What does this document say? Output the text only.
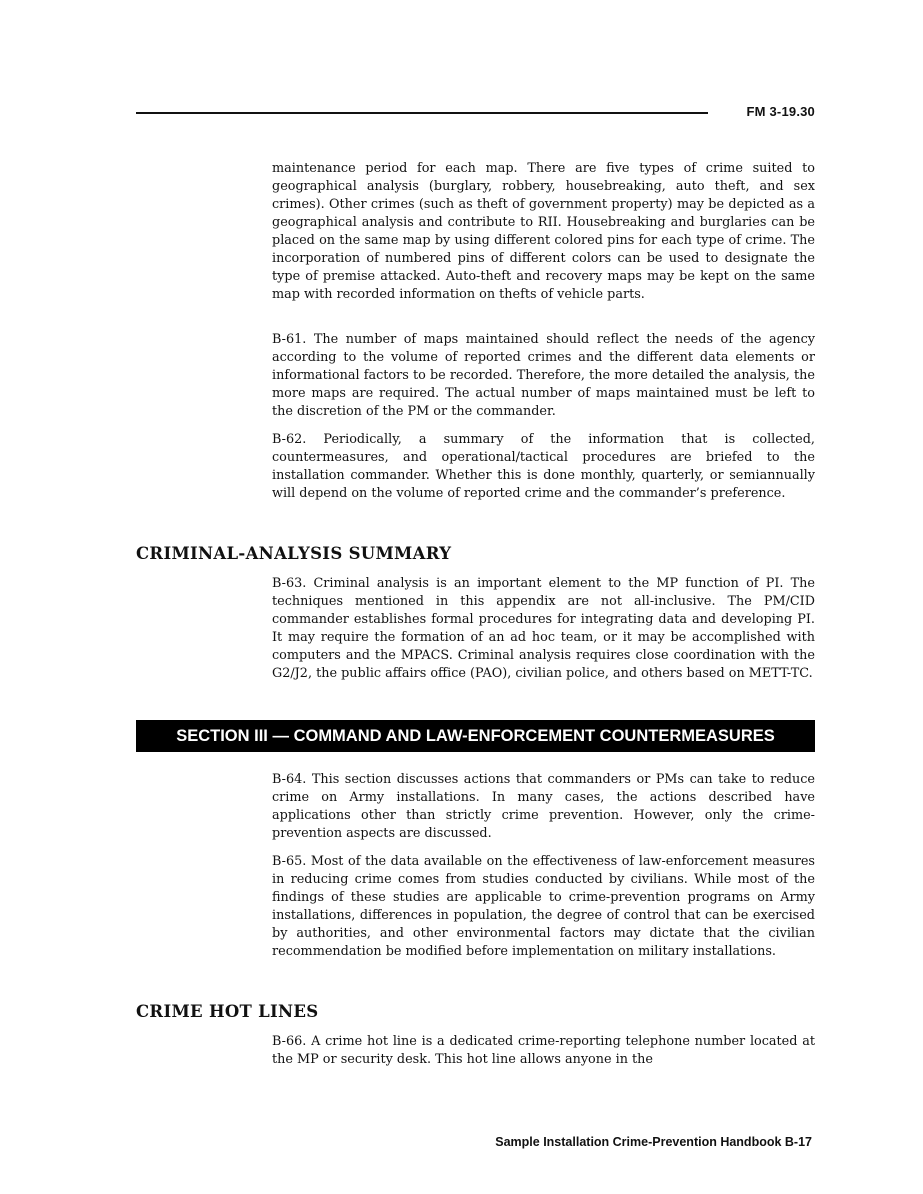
FM 3-19.30

maintenance period for each map. There are five types of crime suited to geographical analysis (burglary, robbery, housebreaking, auto theft, and sex crimes). Other crimes (such as theft of government property) may be depicted as a geographical analysis and contribute to RII. Housebreaking and burglaries can be placed on the same map by using different colored pins for each type of crime. The incorporation of numbered pins of different colors can be used to designate the type of premise attacked. Auto-theft and recovery maps may be kept on the same map with recorded information on thefts of vehicle parts.

B-61. The number of maps maintained should reflect the needs of the agency according to the volume of reported crimes and the different data elements or informational factors to be recorded. Therefore, the more detailed the analysis, the more maps are required. The actual number of maps maintained must be left to the discretion of the PM or the commander.

B-62. Periodically, a summary of the information that is collected, countermeasures, and operational/tactical procedures are briefed to the installation commander. Whether this is done monthly, quarterly, or semiannually will depend on the volume of reported crime and the commander’s preference.

CRIMINAL-ANALYSIS SUMMARY

B-63. Criminal analysis is an important element to the MP function of PI. The techniques mentioned in this appendix are not all-inclusive. The PM/CID commander establishes formal procedures for integrating data and developing PI. It may require the formation of an ad hoc team, or it may be accomplished with computers and the MPACS. Criminal analysis requires close coordination with the G2/J2, the public affairs office (PAO), civilian police, and others based on METT-TC.

SECTION III — COMMAND AND LAW-ENFORCEMENT COUNTERMEASURES

B-64. This section discusses actions that commanders or PMs can take to reduce crime on Army installations. In many cases, the actions described have applications other than strictly crime prevention. However, only the crime-prevention aspects are discussed.

B-65. Most of the data available on the effectiveness of law-enforcement measures in reducing crime comes from studies conducted by civilians. While most of the findings of these studies are applicable to crime-prevention programs on Army installations, differences in population, the degree of control that can be exercised by authorities, and other environmental factors may dictate that the civilian recommendation be modified before implementation on military installations.

CRIME HOT LINES

B-66. A crime hot line is a dedicated crime-reporting telephone number located at the MP or security desk. This hot line allows anyone in the

Sample Installation Crime-Prevention Handbook B-17
